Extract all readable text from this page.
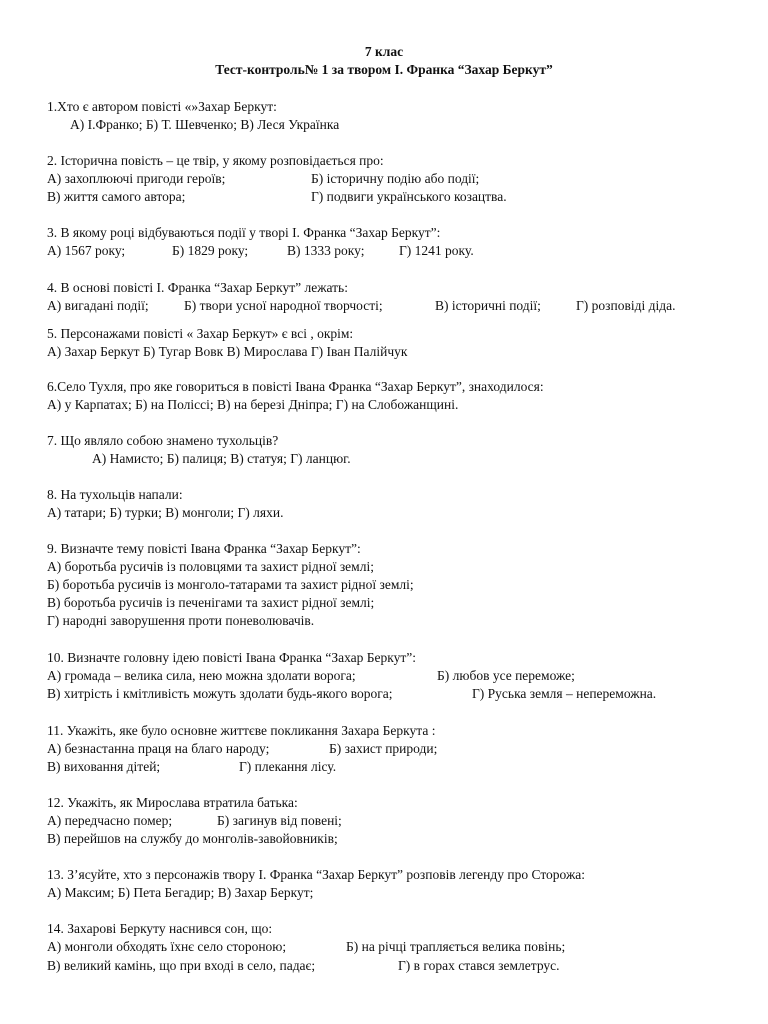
7 клас
Тест-контроль№ 1 за твором І. Франка “Захар Беркут”
1.Хто є автором повісті «»Захар Беркут:
А) І.Франко; Б) Т. Шевченко; В) Леся Українка
2. Історична повість – це твір, у якому розповідається про:
А) захоплюючі пригоди героїв;	Б) історичну подію або події;
В) життя самого автора;	Г) подвиги українського козацтва.
3. В якому році відбуваються події у творі І. Франка “Захар Беркут”:
А) 1567 року;	Б) 1829 року;	В) 1333 року;	Г) 1241 року.
4. В основі повісті І. Франка “Захар Беркут” лежать:
А) вигадані події;	Б) твори усної народної творчості;	В) історичні події;	Г) розповіді діда.
5. Персонажами повісті « Захар Беркут» є всі , окрім:
А) Захар Беркут Б) Тугар Вовк В) Мирослава Г) Іван Палійчук
6.Село Тухля, про яке говориться в повісті Івана Франка “Захар Беркут”, знаходилося:
А) у Карпатах; Б) на Поліссі; В) на березі Дніпра; Г) на Слобожанщині.
7. Що являло собою знамено тухольців?
А) Намисто; Б) палиця; В) статуя; Г) ланцюг.
8. На тухольців напали:
А) татари; Б) турки; В) монголи; Г) ляхи.
9. Визначте тему повісті Івана Франка “Захар Беркут”:
А) боротьба русичів із половцями та захист рідної землі;
Б) боротьба русичів із монголо-татарами та захист рідної землі;
В) боротьба русичів із печенігами та захист рідної землі;
Г) народні заворушення проти поневолювачів.
10. Визначте головну ідею повісті Івана Франка “Захар Беркут”:
А) громада – велика сила, нею можна здолати ворога;	Б) любов усе переможе;
В) хитрість і кмітливість можуть здолати будь-якого ворога;	Г) Руська земля – непереможна.
11. Укажіть, яке було основне життєве покликання Захара Беркута :
А) безнастанна праця на благо народу;	Б) захист природи;
В) виховання дітей;	Г) плекання лісу.
12. Укажіть, як Мирослава втратила батька:
А) передчасно помер;	Б) загинув від повені;
В) перейшов на службу до монголів-завойовників;
13. З’ясуйте, хто з персонажів твору І. Франка “Захар Беркут” розповів легенду про Сторожа:
А) Максим; Б) Пета Бегадир; В) Захар Беркут;
14. Захарові Беркуту наснився сон, що:
А) монголи обходять їхнє село стороною;	Б) на річці трапляється велика повінь;
В) великий камінь, що при вході в село, падає;	Г) в горах стався землетрус.
